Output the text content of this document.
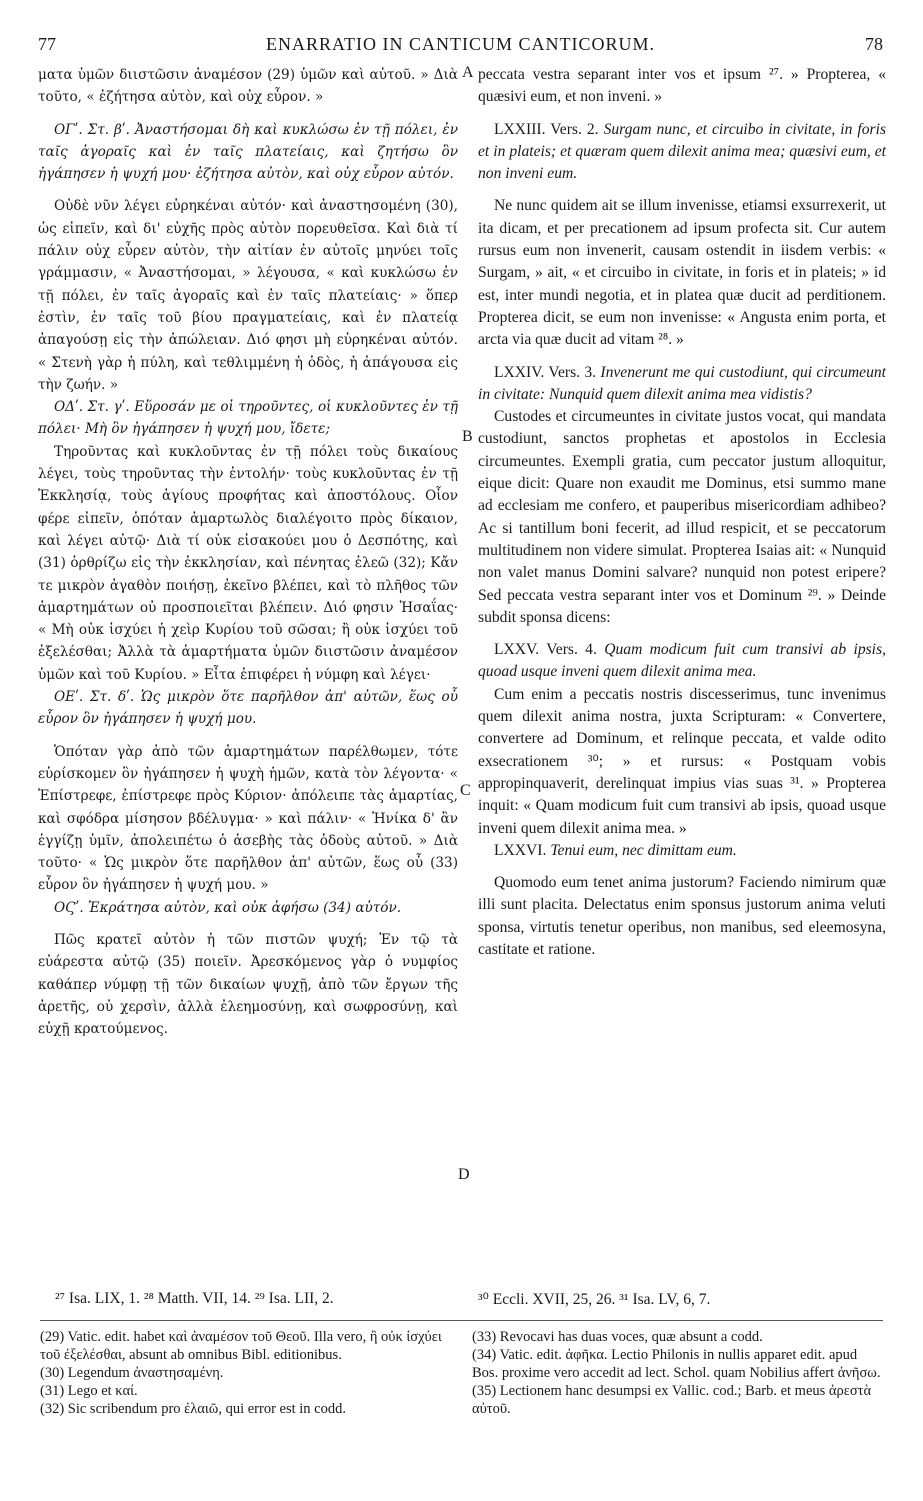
77	ENARRATIO IN CANTICUM CANTICORUM.	78

ματα ὑμῶν διιστῶσιν ἀναμέσον (29) ὑμῶν καὶ αὐτοῦ. » Διὰ τοῦτο, « ἐζήτησα αὐτὸν, καὶ οὐχ εὗρον. »

ΟΓʹ. Στ. βʹ. Ἀναστήσομαι δὴ καὶ κυκλώσω ἐν τῇ πόλει, ἐν ταῖς ἀγοραῖς καὶ ἐν ταῖς πλατείαις, καὶ ζητήσω ὃν ἠγάπησεν ἡ ψυχή μου· ἐζήτησα αὐτὸν, καὶ οὐχ εὗρον αὐτόν.

Οὐδὲ νῦν λέγει εὑρηκέναι αὐτόν· καὶ ἀναστησομένη (30), ὡς εἰπεῖν, καὶ δι' εὐχῆς πρὸς αὐτὸν πορευθεῖσα. Καὶ διὰ τί πάλιν οὐχ εὗρεν αὐτὸν, τὴν αἰτίαν ἐν αὐτοῖς μηνύει τοῖς γράμμασιν, « Ἀναστήσομαι, » λέγουσα, « καὶ κυκλώσω ἐν τῇ πόλει, ἐν ταῖς ἀγοραῖς καὶ ἐν ταῖς πλατείαις· » ὅπερ ἐστὶν, ἐν ταῖς τοῦ βίου πραγματείαις, καὶ ἐν πλατείᾳ ἀπαγούσῃ εἰς τὴν ἀπώλειαν. Διό φησι μὴ εὑρηκέναι αὐτόν. « Στενὴ γὰρ ἡ πύλη, καὶ τεθλιμμένη ἡ ὁδὸς, ἡ ἀπάγουσα εἰς τὴν ζωήν. »

ΟΔʹ. Στ. γʹ. Εὕροσάν με οἱ τηροῦντες, οἱ κυκλοῦντες ἐν τῇ πόλει· Μὴ ὃν ἠγάπησεν ἡ ψυχή μου, ἴδετε;

Τηροῦντας καὶ κυκλοῦντας ἐν τῇ πόλει τοὺς δικαίους λέγει, τοὺς τηροῦντας τὴν ἐντολήν· τοὺς κυκλοῦντας ἐν τῇ Ἐκκλησίᾳ, τοὺς ἁγίους προφήτας καὶ ἀποστόλους. Οἷον φέρε εἰπεῖν, ὁπόταν ἁμαρτωλὸς διαλέγοιτο πρὸς δίκαιον, καὶ λέγει αὐτῷ· Διὰ τί οὐκ εἰσακούει μου ὁ Δεσπότης, καὶ (31) ὀρθρίζω εἰς τὴν ἐκκλησίαν, καὶ πένητας ἐλεῶ (32); Κἄν τε μικρὸν ἀγαθὸν ποιήσῃ, ἐκεῖνο βλέπει, καὶ τὸ πλῆθος τῶν ἁμαρτημάτων οὐ προσποιεῖται βλέπειν. Διό φησιν Ἡσαΐας· « Μὴ οὐκ ἰσχύει ἡ χεὶρ Κυρίου τοῦ σῶσαι; ἢ οὐκ ἰσχύει τοῦ ἐξελέσθαι; Ἀλλὰ τὰ ἁμαρτήματα ὑμῶν διιστῶσιν ἀναμέσον ὑμῶν καὶ τοῦ Κυρίου. » Εἶτα ἐπιφέρει ἡ νύμφη καὶ λέγει·

ΟΕʹ. Στ. δʹ. Ὡς μικρὸν ὅτε παρῆλθον ἀπ' αὐτῶν, ἕως οὗ εὗρον ὃν ἠγάπησεν ἡ ψυχή μου.

Ὁπόταν γὰρ ἀπὸ τῶν ἁμαρτημάτων παρέλθωμεν, τότε εὑρίσκομεν ὃν ἠγάπησεν ἡ ψυχὴ ἡμῶν, κατὰ τὸν λέγοντα· « Ἐπίστρεφε, ἐπίστρεφε πρὸς Κύριον· ἀπόλειπε τὰς ἁμαρτίας, καὶ σφόδρα μίσησον βδέλυγμα· » καὶ πάλιν· « Ἡνίκα δ' ἂν ἐγγίζῃ ὑμῖν, ἀπολειπέτω ὁ ἀσεβὴς τὰς ὁδοὺς αὐτοῦ. » Διὰ τοῦτο· « Ὡς μικρὸν ὅτε παρῆλθον ἀπ' αὐτῶν, ἕως οὗ (33) εὗρον ὃν ἠγάπησεν ἡ ψυχή μου. »

ΟϚʹ. Ἐκράτησα αὐτὸν, καὶ οὐκ ἀφήσω (34) αὐτόν.

Πῶς κρατεῖ αὐτὸν ἡ τῶν πιστῶν ψυχή; Ἐν τῷ τὰ εὐάρεστα αὐτῷ (35) ποιεῖν. Ἀρεσκόμενος γὰρ ὁ νυμφίος καθάπερ νύμφῃ τῇ τῶν δικαίων ψυχῇ, ἀπὸ τῶν ἔργων τῆς ἀρετῆς, οὐ χερσὶν, ἀλλὰ ἐλεημοσύνῃ, καὶ σωφροσύνῃ, καὶ εὐχῇ κρατούμενος.

peccata vestra separant inter vos et ipsum ²⁷. » Propterea, « quæsivi eum, et non inveni. »

LXXIII. Vers. 2. Surgam nunc, et circuibo in civitate, in foris et in plateis; et quæram quem dilexit anima mea; quæsivi eum, et non inveni eum.

Ne nunc quidem ait se illum invenisse, etiamsi exsurrexerit, ut ita dicam, et per precationem ad ipsum profecta sit. Cur autem rursus eum non invenerit, causam ostendit in iisdem verbis: « Surgam, » ait, « et circuibo in civitate, in foris et in plateis; » id est, inter mundi negotia, et in platea quæ ducit ad perditionem. Propterea dicit, se eum non invenisse: « Angusta enim porta, et arcta via quæ ducit ad vitam ²⁸. »

LXXIV. Vers. 3. Invenerunt me qui custodiunt, qui circumeunt in civitate: Nunquid quem dilexit anima mea vidistis?

Custodes et circumeuntes in civitate justos vocat, qui mandata custodiunt, sanctos prophetas et apostolos in Ecclesia circumeuntes. Exempli gratia, cum peccator justum alloquitur, eique dicit: Quare non exaudit me Dominus, etsi summo mane ad ecclesiam me confero, et pauperibus misericordiam adhibeo? Ac si tantillum boni fecerit, ad illud respicit, et se peccatorum multitudinem non videre simulat. Propterea Isaias ait: « Nunquid non valet manus Domini salvare? nunquid non potest eripere? Sed peccata vestra separant inter vos et Dominum ²⁹. » Deinde subdit sponsa dicens:

LXXV. Vers. 4. Quam modicum fuit cum transivi ab ipsis, quoad usque inveni quem dilexit anima mea.

Cum enim a peccatis nostris discesserimus, tunc invenimus quem dilexit anima nostra, juxta Scripturam: « Convertere, convertere ad Dominum, et relinque peccata, et valde odito exsecrationem ³⁰; » et rursus: « Postquam vobis appropinquaverit, derelinquat impius vias suas ³¹. » Propterea inquit: « Quam modicum fuit cum transivi ab ipsis, quoad usque inveni quem dilexit anima mea. »

LXXVI. Tenui eum, nec dimittam eum.

Quomodo eum tenet anima justorum? Faciendo nimirum quæ illi sunt placita. Delectatus enim sponsus justorum anima veluti sponsa, virtutis tenetur operibus, non manibus, sed eleemosyna, castitate et ratione.

A
B
C
D
²⁷ Isa. LIX, 1. ²⁸ Matth. VII, 14. ²⁹ Isa. LII, 2.	³⁰ Eccli. XVII, 25, 26. ³¹ Isa. LV, 6, 7.

(29) Vatic. edit. habet καὶ ἀναμέσον τοῦ Θεοῦ. Illa vero, ἢ οὐκ ἰσχύει τοῦ ἐξελέσθαι, absunt ab omnibus Bibl. editionibus.

(30) Legendum ἀναστησαμένη.

(31) Lego et καί.

(32) Sic scribendum pro ἐλαιῶ, qui error est in codd.

(33) Revocavi has duas voces, quæ absunt a codd.

(34) Vatic. edit. ἀφῆκα. Lectio Philonis in nullis apparet edit. apud Bos. proxime vero accedit ad lect. Schol. quam Nobilius affert ἀνῆσω.

(35) Lectionem hanc desumpsi ex Vallic. cod.; Barb. et meus ἀρεστὰ αὐτοῦ.
